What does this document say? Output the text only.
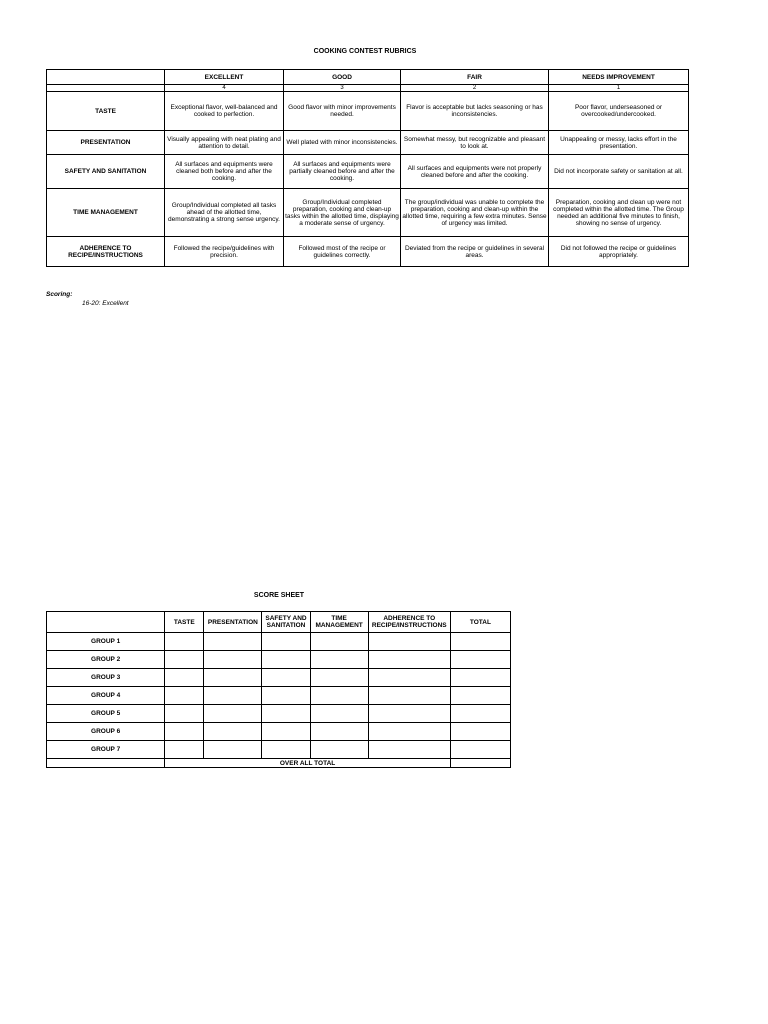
COOKING CONTEST RUBRICS
	EXCELLENT	GOOD	FAIR	NEEDS IMPROVEMENT
	4	3	2	1
TASTE	Exceptional flavor, well-balanced and cooked to perfection.	Good flavor with minor improvements needed.	Flavor is acceptable but lacks seasoning or has inconsistencies.	Poor flavor, underseasoned or overcooked/undercooked.
PRESENTATION	Visually appealing with neat plating and attention to detail.	Well plated with minor inconsistencies.	Somewhat messy, but recognizable and pleasant to look at.	Unappealing or messy, lacks effort in the presentation.
SAFETY AND SANITATION	All surfaces and equipments were cleaned both before and after the cooking.	All surfaces and equipments were partially cleaned before and after the cooking.	All surfaces and equipments were not properly cleaned before and after the cooking.	Did not incorporate safety or sanitation at all.
TIME MANAGEMENT	Group/Individual completed all tasks ahead of the allotted time, demonstrating a strong sense urgency.	Group/Individual completed preparation, cooking and clean-up tasks within the allotted time, displaying a moderate sense of urgency.	The group/individual was unable to complete the preparation, cooking and clean-up within the allotted time, requiring a few extra minutes. Sense of urgency was limited.	Preparation, cooking and clean up were not completed within the allotted time. The Group needed an additional five minutes to finish, showing no sense of urgency.
ADHERENCE TO RECIPE/INSTRUCTIONS	Followed the recipe/guidelines with precision.	Followed most of the recipe or guidelines correctly.	Deviated from the recipe or guidelines in several areas.	Did not followed the recipe or guidelines appropriately.
Scoring:
16-20: Excellent
SCORE SHEET
	TASTE	PRESENTATION	SAFETY AND SANITATION	TIME MANAGEMENT	ADHERENCE TO RECIPE/INSTRUCTIONS	TOTAL
GROUP 1						
GROUP 2						
GROUP 3						
GROUP 4						
GROUP 5						
GROUP 6						
GROUP 7						
	OVER ALL TOTAL					
